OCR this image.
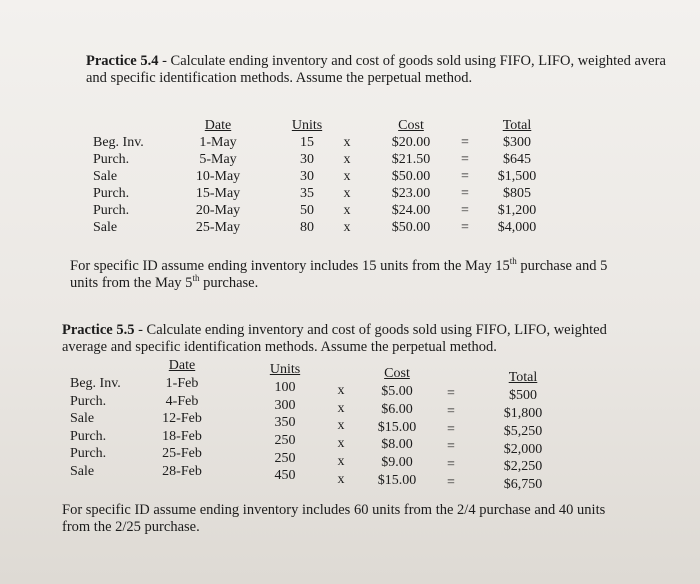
Practice 5.4 - Calculate ending inventory and cost of goods sold using FIFO, LIFO, weighted avera
and specific identification methods. Assume the perpetual method.
Date	Units	Cost	Total
Beg. Inv.	1-May	15	x	$20.00	=	$300
Purch.	5-May	30	x	$21.50	=	$645
Sale	10-May	30	x	$50.00	=	$1,500
Purch.	15-May	35	x	$23.00	=	$805
Purch.	20-May	50	x	$24.00	=	$1,200
Sale	25-May	80	x	$50.00	=	$4,000
For specific ID assume ending inventory includes 15 units from the May 15th purchase and 5
units from the May 5th purchase.
Practice 5.5 - Calculate ending inventory and cost of goods sold using FIFO, LIFO, weighted
average and specific identification methods. Assume the perpetual method.
Date	Units	Cost	Total
Beg. Inv.	1-Feb	100	x	$5.00	=	$500
Purch.	4-Feb	300	x	$6.00	=	$1,800
Sale	12-Feb	350	x	$15.00	=	$5,250
Purch.	18-Feb	250	x	$8.00	=	$2,000
Purch.	25-Feb	250	x	$9.00	=	$2,250
Sale	28-Feb	450	x	$15.00	=	$6,750
For specific ID assume ending inventory includes 60 units from the 2/4 purchase and 40 units
from the 2/25 purchase.
